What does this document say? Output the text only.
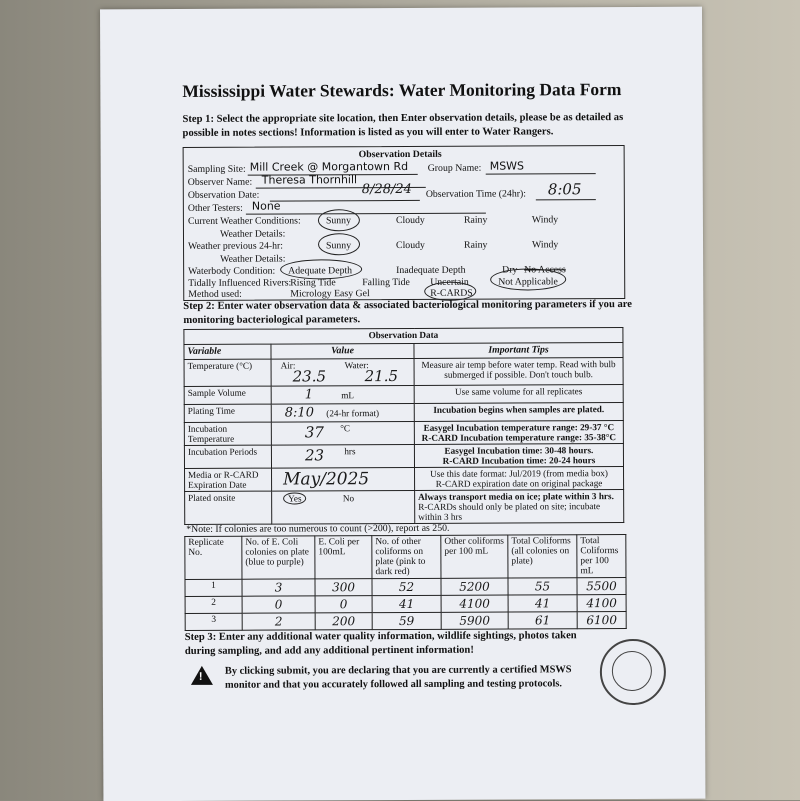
Mississippi Water Stewards: Water Monitoring Data Form
Step 1: Select the appropriate site location, then Enter observation details, please be as detailed as possible in notes sections! Information is listed as you will enter to Water Rangers.
Observation Details
Sampling Site: Mill Creek @ Morgantown Rd Group Name: MSWS
Observer Name: Theresa Thornhill
Observation Date:	8/28/24 Observation Time (24hr): 8:05
Other Testers: None
Current Weather Conditions:	Sunny	Cloudy	Rainy	Windy
Weather Details:
Weather previous 24-hr:	Sunny	Cloudy	Rainy	Windy
Weather Details:
Waterbody Condition: Adequate Depth	Inadequate Depth	Dry No Access
Tidally Influenced Rivers:
Rising Tide	Falling Tide Uncertain	Not Applicable
Method used:	Micrology Easy Gel	R-CARDS
Step 2: Enter water observation data & associated bacteriological monitoring parameters if you are monitoring bacteriological parameters.
Observation Data		
Variable	Value	Important Tips
Temperature (°C)	Air:
23.5
Water:
21.5	Measure air temp before water temp. Read with bulb submerged if possible. Don't touch bulb.
Sample Volume	1 mL	Use same volume for all replicates
Plating Time	8:10 (24-hr format)	Incubation begins when samples are plated.
Incubation Temperature	37 °C	Easygel Incubation temperature range: 29-37 °C
R-CARD Incubation temperature range: 35-38°C

Incubation Periods	23 hrs	Easygel Incubation time: 30-48 hours.
R-CARD Incubation time: 20-24 hours

Media or R-CARD Expiration Date	May/2025	Use this date format: Jul/2019 (from media box)
R-CARD expiration date on original package

Plated onsite	Yes No	Always transport media on ice; plate within 3 hrs.
R-CARDs should only be plated on site; incubate within 3 hrs
*Note: If colonies are too numerous to count (>200), report as 250.
Replicate No.	No. of E. Coli colonies on plate (blue to purple)	E. Coli per 100mL	No. of other coliforms on plate (pink to dark red)	Other coliforms per 100 mL	Total Coliforms (all colonies on plate)	Total Coliforms per 100 mL
1	3	300	52	5200	55	5500
2	0	0	41	4100	41	4100
3	2	200	59	5900	61	6100
Step 3: Enter any additional water quality information, wildlife sightings, photos taken during sampling, and add any additional pertinent information!
!
By clicking submit, you are declaring that you are currently a certified MSWS monitor and that you accurately followed all sampling and testing protocols.
